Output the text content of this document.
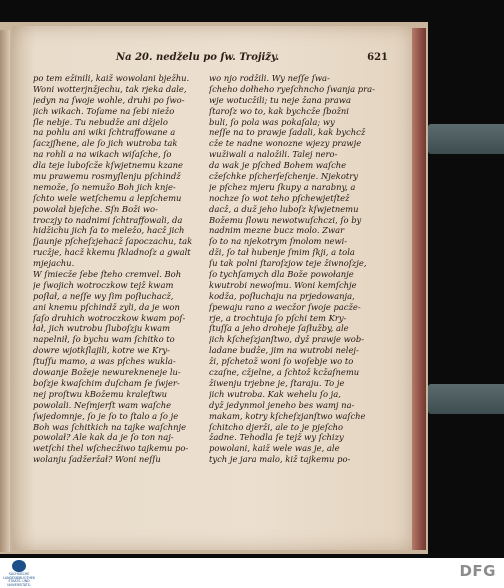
Na 20. nedželu po ſw. Trojiz̃y.	621
po tem ežinili, kaiž wowolani bježhu.
Woni wotterjnžjechu, tak rjeka dale,
jedyn na ſwoje wohle, druhi po ſwo-
jich wikach. Toſame na ſebi niežo
ſle nebje. Tu nebudže ani džjelo
na pohlu ani wiki ſchtraffowane a
ſaczjſhene, ale ſo jich wutroba tak
na rohli a na wikach wiſaſche, ſo
dla teje luboſcže kſwjetnemu kzane
mu prawemu rosmyſlenju pſchindž
nemože, ſo nemužo Boh jich knje-
ſchto wele wetſchemu a lepſchemu
powolał bjeſche. Sſn Boži wo-
troczjy to nadnimi ſchtraffowali, da
hidžichu jich ſa to meležo, hacž jich
ſjaunje pſcheſzjehacž ſapoczachu, tak
rucžje, hacž kkemu ſkladnoſz a gwalt
mjejachu.
W ſmiecže ſebe ſteho cremvel. Boh
je ſwojich wotroczkow tejž kwam
poſłał, a neſſe wy ſim poſłuchacž,
ani knemu pſchindž zyli, da je won
ſaſo druhich wotroczkow kwam poſ-
łał, jich wutrobu ſluboſzju kwam
napelnił, ſo bychu wam ſchitko to
dowre wjotkſlajili, kotre we Kry-
ſtuſſu mamo, a was pſches wukla-
dowanje Božeje newurekneneje lu-
boſzje kwaſchim duſcham ſe ſwjer-
nej proſtwu kBožemu kraleſtwu
powolali. Neſmjerſt wam waſche
ſwjedomnje, ſo je ſo to ſtalo a ſo je
Boh was ſchitkich na tajke waſchnje
powolał? Ale kak da je ſo ton naj-
wetſchi thel wſchecžiwo tajkemu po-
wolanju ſadžeržał? Woni neſſu
wo njo rodžili. Wy neſſe ſwa-
ſcheho dołheho ryeſchncho ſwanja pra-
wje wotucžili; tu neje žana prawa
ſtaroſz wo to, kak bychcže ſbožni
buli, ſo pola was pokaſala; wy
neſſe na to prawje ſadali, kak bychcž
cže te nadne wonozne wjezy prawje
wužiwali a naložili. Talej nero-
da wak je pſched Bohem waſche
cžeſchke pſcherſeſchenje. Njekotry
je pſchez mjeru ſkupy a narabny, a
nochze ſo wot teho pſchewjetſtež
dacž, a duž jeho luboſz kſwjetnemu
Božemu ſlowu newotwuſchczi, ſo by
nadnim mezne bucz molo. Zwar
ſo to na njekotrym ſmolom newi-
dži, ſo tał hubenje ſmim ſkji, a tola
ſu tak polni ſtaroſzjow teje žiwnoſzje,
ſo tychſamych dla Bože powołanje
kwutrobi newoſmu. Woni kemſchje
kodža, poſłuchaju na prjedowanja,
ſpewaju rano a wecžor ſwoje pacže-
rje, a trochtuja ſo pſchi tem Kry-
ſtuſſa a jeho droheje ſaſłužby, ale
jich kſcheſzjanſtwo, dyž prawje wob-
ladane budže, jim na wutrobi nelej-
ži, pſchetož woni ſo woſebje wo to
czaſne, cžjelne, a ſchtož kcžaſnemu
žiwenju trjebne je, ſtaraju. To je
jich wutroba. Kak wehelu ſo ja,
dyž jedynmol jeneho bes wamj na-
makam, kotry kſcheſzjanſtwo waſche
ſchitcho djerži, ale to je pjeſcho
žadne. Tehodla ſe tejž wy ſchizy
powolani, kaiž wele was je, ale
tych je jara malo, kiž tajkemu po-
SÄCHSISCHE
LANDESBIBLIOTHEK
STAATS- UND
UNIVERSITÄTS-
DFG
